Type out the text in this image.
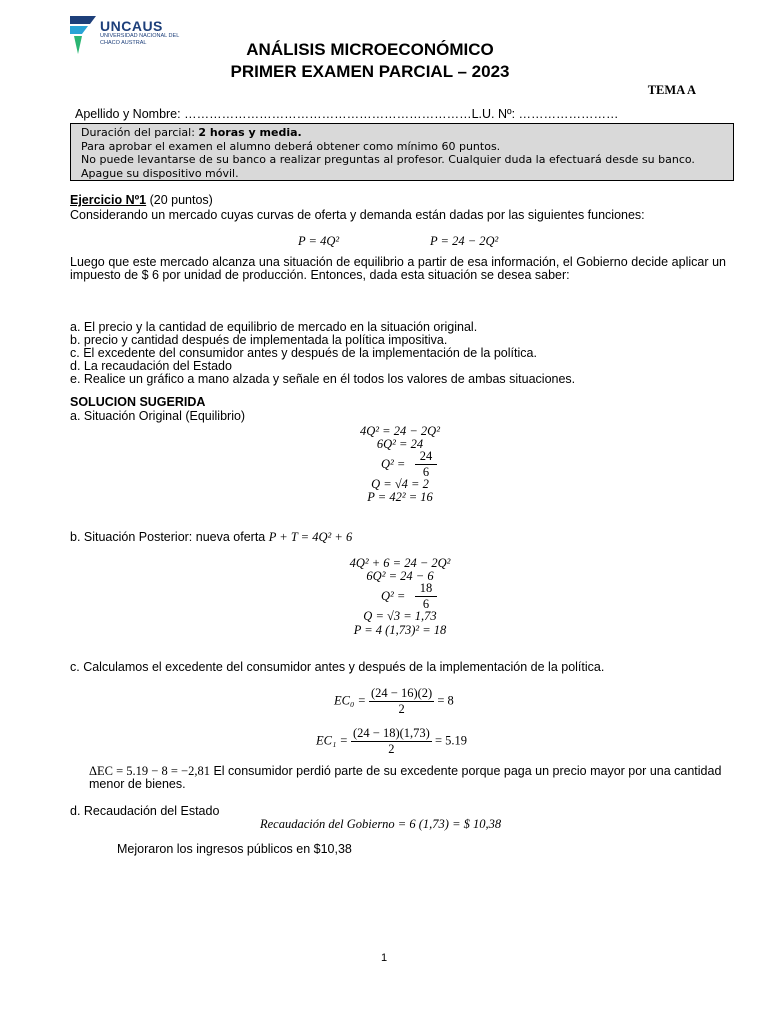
UNCAUS
UNIVERSIDAD NACIONAL DEL CHACO AUSTRAL	ANÁLISIS MICROECONÓMICO
PRIMER EXAMEN PARCIAL – 2023
TEMA A
Apellido y Nombre: ……………………………………………………………L.U. Nº: ……………………
Duración del parcial: 2 horas y media.
Para aprobar el examen el alumno deberá obtener como mínimo 60 puntos.
No puede levantarse de su banco a realizar preguntas al profesor. Cualquier duda la efectuará desde su banco.
Apague su dispositivo móvil.
Ejercicio Nº1 (20 puntos)
Considerando un mercado cuyas curvas de oferta y demanda están dadas por las siguientes funciones:
P = 4Q²	P = 24 − 2Q²
Luego que este mercado alcanza una situación de equilibrio a partir de esa información, el Gobierno decide aplicar un impuesto de $ 6 por unidad de producción. Entonces, dada esta situación se desea saber:
a. El precio y la cantidad de equilibrio de mercado en la situación original.
b. precio y cantidad después de implementada la política impositiva.
c. El excedente del consumidor antes y después de la implementación de la política.
d. La recaudación del Estado
e. Realice un gráfico a mano alzada y señale en él todos los valores de ambas situaciones.
SOLUCION SUGERIDA
a. Situación Original (Equilibrio)
4Q² = 24 − 2Q²
6Q² = 24
$Q^2 = \frac{24}{6}$
Q = √4 = 2
P = 42² = 16
b. Situación Posterior: nueva oferta P + T = 4Q² + 6
4Q² + 6 = 24 − 2Q²
6Q² = 24 − 6
$Q^2 = \frac{18}{6}$
Q = √3 = 1,73
P = 4 (1,73)² = 18
c. Calculamos el excedente del consumidor antes y después de la implementación de la política.
$EC_0 = \frac{(24 - 16)(2)}{2} = 8$
$EC_1 = \frac{(24 - 18)(1,73)}{2} = 5.19$
ΔEC = 5.19 − 8 = −2,81 El consumidor perdió parte de su excedente porque paga un precio mayor por una cantidad menor de bienes.
d. Recaudación del Estado
Recaudación del Gobierno = 6 (1,73) = $ 10,38
Mejoraron los ingresos públicos en $10,38
1
